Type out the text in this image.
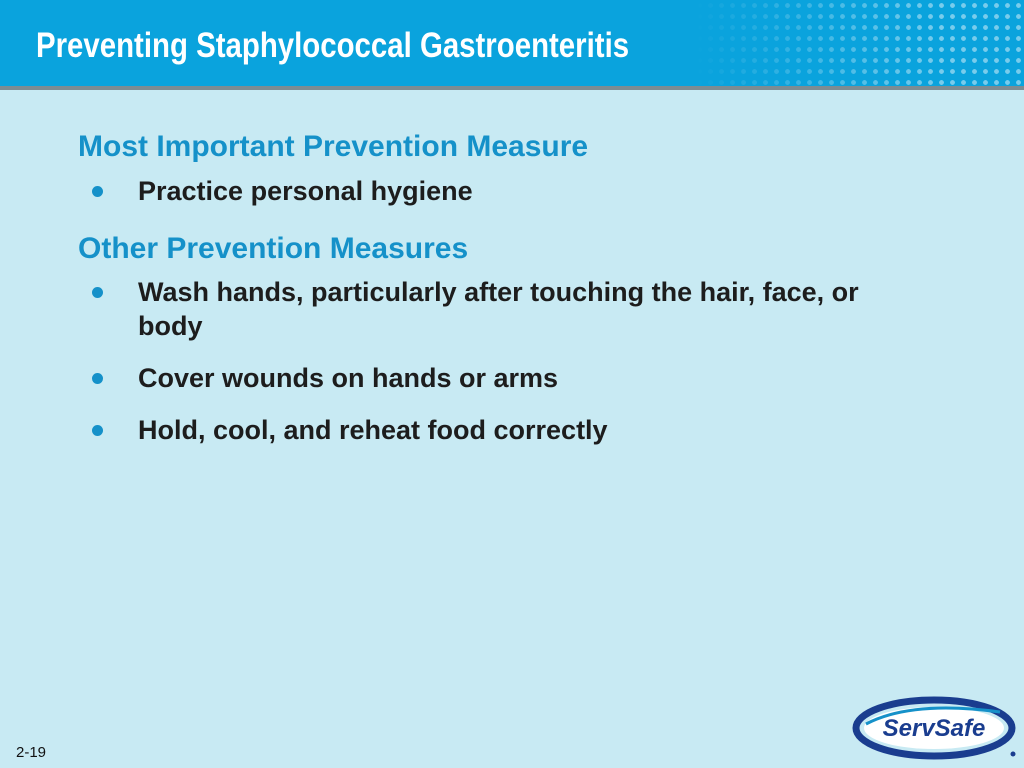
Preventing Staphylococcal Gastroenteritis
Most Important Prevention Measure
Practice personal hygiene
Other Prevention Measures
Wash hands, particularly after touching the hair, face, or body
Cover wounds on hands or arms
Hold, cool, and reheat food correctly
2-19
ServSafe
